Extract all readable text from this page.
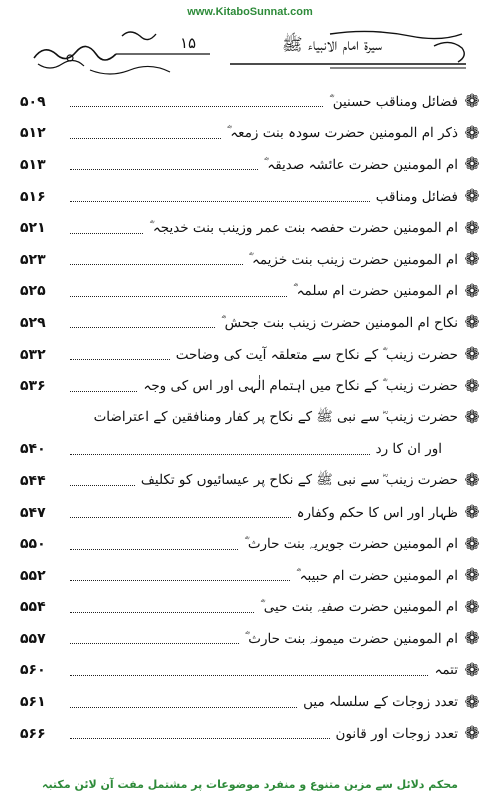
www.KitaboSunnat.com
سیرۃ امام الانبیاء ﷺ
۱۵
❁
فضائل ومناقب حسنین ؓ
۵۰۹
❁
ذکر ام المومنین حضرت سودہ بنت زمعہ ؓ
۵۱۲
❁
ام المومنین حضرت عائشہ صدیقہ ؓ
۵۱۳
❁
فضائل ومناقب
۵۱۶
❁
ام المومنین حضرت حفصہ بنت عمر وزینب بنت خدیجہ ؓ
۵۲۱
❁
ام المومنین حضرت زینب بنت خزیمہ ؓ
۵۲۳
❁
ام المومنین حضرت ام سلمہ ؓ
۵۲۵
❁
نکاح ام المومنین حضرت زینب بنت جحش ؓ
۵۲۹
❁
حضرت زینب ؓ کے نکاح سے متعلقہ آیت کی وضاحت
۵۳۲
❁
حضرت زینب ؓ کے نکاح میں اہتمام الٰہی اور اس کی وجہ
۵۳۶
❁
حضرت زینب ؓ سے نبی ﷺ کے نکاح پر کفار ومنافقین کے اعتراضات
اور ان کا رد
۵۴۰
❁
حضرت زینب ؓ سے نبی ﷺ کے نکاح پر عیسائیوں کو تکلیف
۵۴۴
❁
ظہار اور اس کا حکم وکفارہ
۵۴۷
❁
ام المومنین حضرت جویریہ بنت حارث ؓ
۵۵۰
❁
ام المومنین حضرت ام حبیبہ ؓ
۵۵۲
❁
ام المومنین حضرت صفیہ بنت حیی ؓ
۵۵۴
❁
ام المومنین حضرت میمونہ بنت حارث ؓ
۵۵۷
❁
تتمہ
۵۶۰
❁
تعدد زوجات کے سلسلہ میں
۵۶۱
❁
تعدد زوجات اور قانون
۵۶۶
محکم دلائل سے مزین متنوع و منفرد موضوعات پر مشتمل مفت آن لائن مکتبہ
